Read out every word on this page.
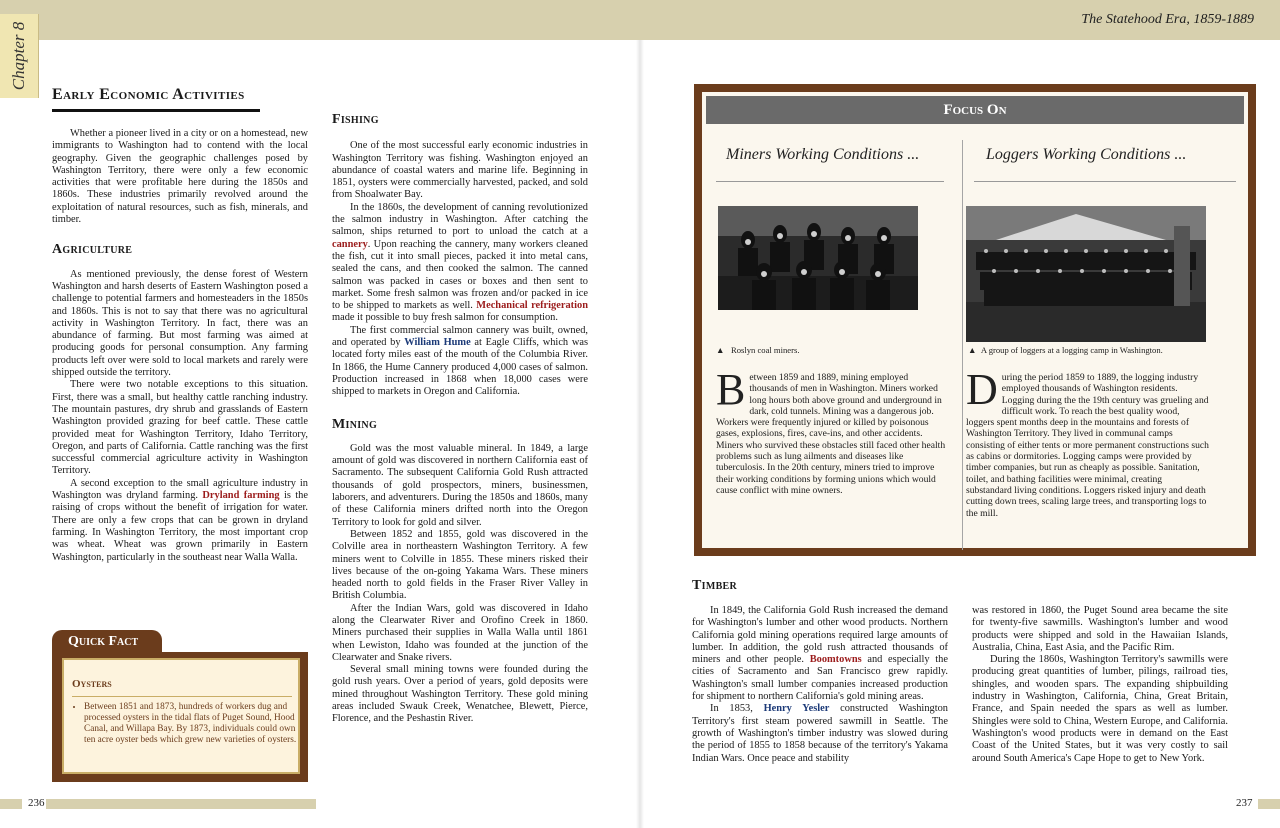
The Statehood Era, 1859-1889
Chapter 8
236	237
Early Economic Activities

Whether a pioneer lived in a city or on a homestead, new immigrants to Washington had to contend with the local geography. Given the geographic challenges posed by Washington Territory, there were only a few economic activities that were profitable here during the 1850s and 1860s. These industries primarily revolved around the exploitation of natural resources, such as fish, minerals, and timber.

Agriculture

As mentioned previously, the dense forest of Western Washington and harsh deserts of Eastern Washington posed a challenge to potential farmers and homesteaders in the 1850s and 1860s. This is not to say that there was no agricultural activity in Washington Territory. In fact, there was an abundance of farming. But most farming was aimed at producing goods for personal consumption. Any farming products left over were sold to local markets and rarely were shipped outside the territory.

There were two notable exceptions to this situation. First, there was a small, but healthy cattle ranching industry. The mountain pastures, dry shrub and grasslands of Eastern Washington provided grazing for beef cattle. These cattle provided meat for Washington Territory, Idaho Territory, Oregon, and parts of California. Cattle ranching was the first successful commercial agriculture activity in Washington Territory.

A second exception to the small agriculture industry in Washington was dryland farming. Dryland farming is the raising of crops without the benefit of irrigation for water. There are only a few crops that can be grown in dryland farming. In Washington Territory, the most important crop was wheat. Wheat was grown primarily in Eastern Washington, particularly in the southeast near Walla Walla.

Oysters
• Between 1851 and 1873, hundreds of workers dug and processed oysters in the tidal flats of Puget Sound, Hood Canal, and Willapa Bay. By 1873, individuals could own ten acre oyster beds which grew new varieties of oysters.
Quick Fact
Fishing

One of the most successful early economic industries in Washington Territory was fishing. Washington enjoyed an abundance of coastal waters and marine life. Beginning in 1851, oysters were commercially harvested, packed, and sold from Shoalwater Bay.

In the 1860s, the development of canning revolutionized the salmon industry in Washington. After catching the salmon, ships returned to port to unload the catch at a cannery. Upon reaching the cannery, many workers cleaned the fish, cut it into small pieces, packed it into metal cans, sealed the cans, and then cooked the salmon. The canned salmon was packed in cases or boxes and then sent to market. Some fresh salmon was frozen and/or packed in ice to be shipped to markets as well. Mechanical refrigeration made it possible to buy fresh salmon for consumption.

The first commercial salmon cannery was built, owned, and operated by William Hume at Eagle Cliffs, which was located forty miles east of the mouth of the Columbia River. In 1866, the Hume Cannery produced 4,000 cases of salmon. Production increased in 1868 when 18,000 cases were shipped to markets in Oregon and California.

Mining

Gold was the most valuable mineral. In 1849, a large amount of gold was discovered in northern California east of Sacramento. The subsequent California Gold Rush attracted thousands of gold prospectors, miners, businessmen, laborers, and adventurers. During the 1850s and 1860s, many of these California miners drifted north into the Oregon Territory to look for gold and silver.

Between 1852 and 1855, gold was discovered in the Colville area in northeastern Washington Territory. A few miners went to Colville in 1855. These miners risked their lives because of the on-going Yakama Wars. These miners headed north to gold fields in the Fraser River Valley in British Columbia.

After the Indian Wars, gold was discovered in Idaho along the Clearwater River and Orofino Creek in 1860. Miners purchased their supplies in Walla Walla until 1861 when Lewiston, Idaho was founded at the junction of the Clearwater and Snake rivers.

Several small mining towns were founded during the gold rush years. Over a period of years, gold deposits were mined throughout Washington Territory. These gold mining areas included Swauk Creek, Wenatchee, Blewett, Pierce, Florence, and the Peshastin River.

Focus On
Miners Working Conditions ...
▲ Roslyn coal miners.
Between 1859 and 1889, mining employed thousands of men in Washington. Miners worked long hours both above ground and underground in dark, cold tunnels. Mining was a dangerous job. Workers were frequently injured or killed by poisonous gases, explosions, fires, cave-ins, and other accidents. Miners who survived these obstacles still faced other health problems such as lung ailments and diseases like tuberculosis. In the 20th century, miners tried to improve their working conditions by forming unions which would cause conflict with mine owners.
Loggers Working Conditions ...
▲ A group of loggers at a logging camp in Washington.
During the period 1859 to 1889, the logging industry employed thousands of Washington residents. Logging during the the 19th century was grueling and difficult work. To reach the best quality wood, loggers spent months deep in the mountains and forests of Washington Territory. They lived in communal camps consisting of either tents or more permanent constructions such as cabins or dormitories. Logging camps were provided by timber companies, but run as cheaply as possible. Sanitation, toilet, and bathing facilities were minimal, creating substandard living conditions. Loggers risked injury and death cutting down trees, scaling large trees, and transporting logs to the mill.
Timber

In 1849, the California Gold Rush increased the demand for Washington's lumber and other wood products. Northern California gold mining operations required large amounts of lumber. In addition, the gold rush attracted thousands of miners and other people. Boomtowns and especially the cities of Sacramento and San Francisco grew rapidly. Washington's small lumber companies increased production for shipment to northern California's gold mining areas.

In 1853, Henry Yesler constructed Washington Territory's first steam powered sawmill in Seattle. The growth of Washington's timber industry was slowed during the period of 1855 to 1858 because of the territory's Yakama Indian Wars. Once peace and stability

was restored in 1860, the Puget Sound area became the site for twenty-five sawmills. Washington's lumber and wood products were shipped and sold in the Hawaiian Islands, Australia, China, East Asia, and the Pacific Rim.

During the 1860s, Washington Territory's sawmills were producing great quantities of lumber, pilings, railroad ties, shingles, and wooden spars. The expanding shipbuilding industry in Washington, California, China, Great Britain, France, and Spain needed the spars as well as lumber. Shingles were sold to China, Western Europe, and California. Washington's wood products were in demand on the East Coast of the United States, but it was very costly to sail around South America's Cape Hope to get to New York.
